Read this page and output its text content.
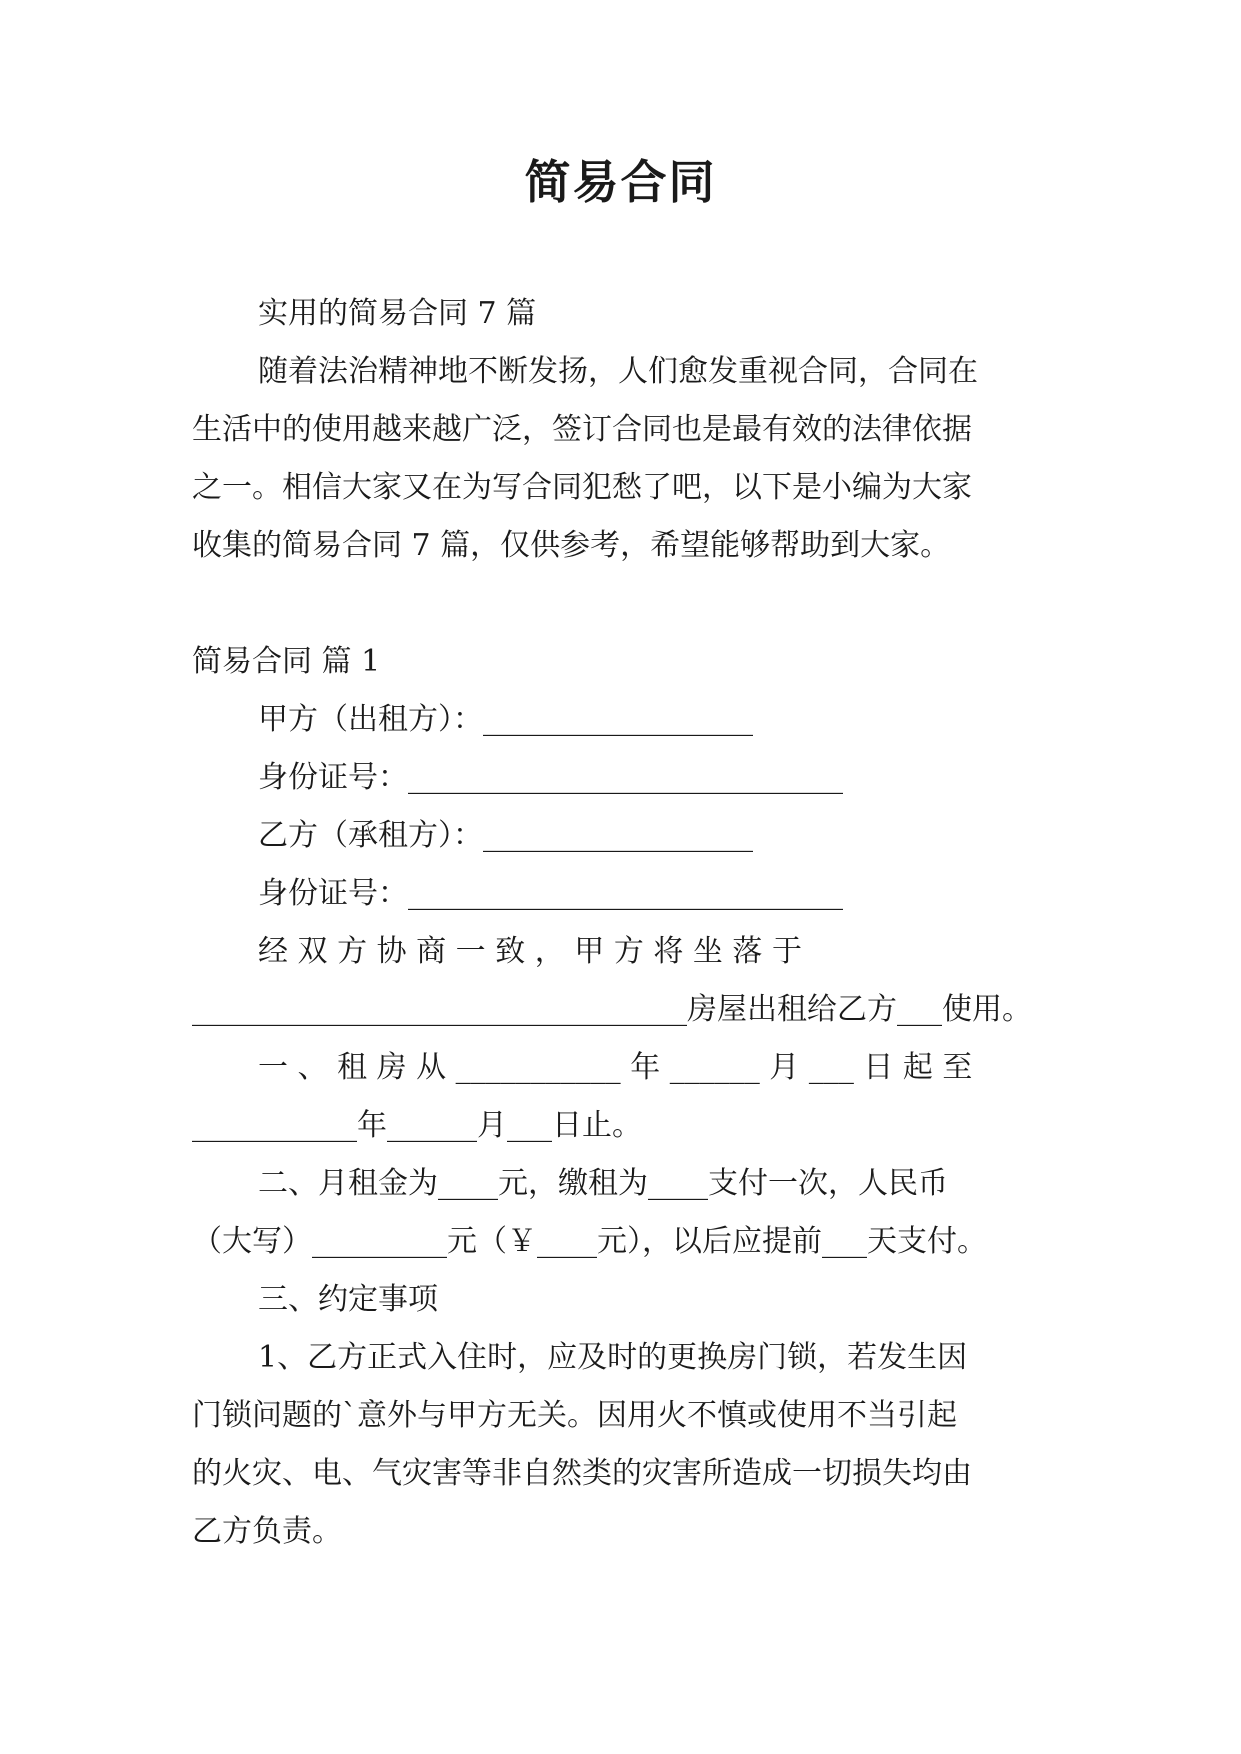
简易合同
实用的简易合同 7 篇
随着法治精神地不断发扬，人们愈发重视合同，合同在
生活中的使用越来越广泛，签订合同也是最有效的法律依据
之一。相信大家又在为写合同犯愁了吧，以下是小编为大家
收集的简易合同 7 篇，仅供参考，希望能够帮助到大家。
简易合同 篇 1
甲方（出租方）：__________________
身份证号：_____________________________
乙方（承租方）：__________________
身份证号：_____________________________
经 双 方 协 商 一 致 ， 甲 方 将 坐 落 于
_________________________________房屋出租给乙方___使用。
一 、 租 房 从 ___________ 年 ______ 月 ___ 日 起 至
___________年______月___日止。
二、月租金为____元，缴租为____支付一次，人民币
（大写）_________元（￥____元），以后应提前___天支付。
三、约定事项
1、乙方正式入住时，应及时的更换房门锁，若发生因
门锁问题的`意外与甲方无关。因用火不慎或使用不当引起
的火灾、电、气灾害等非自然类的灾害所造成一切损失均由
乙方负责。
